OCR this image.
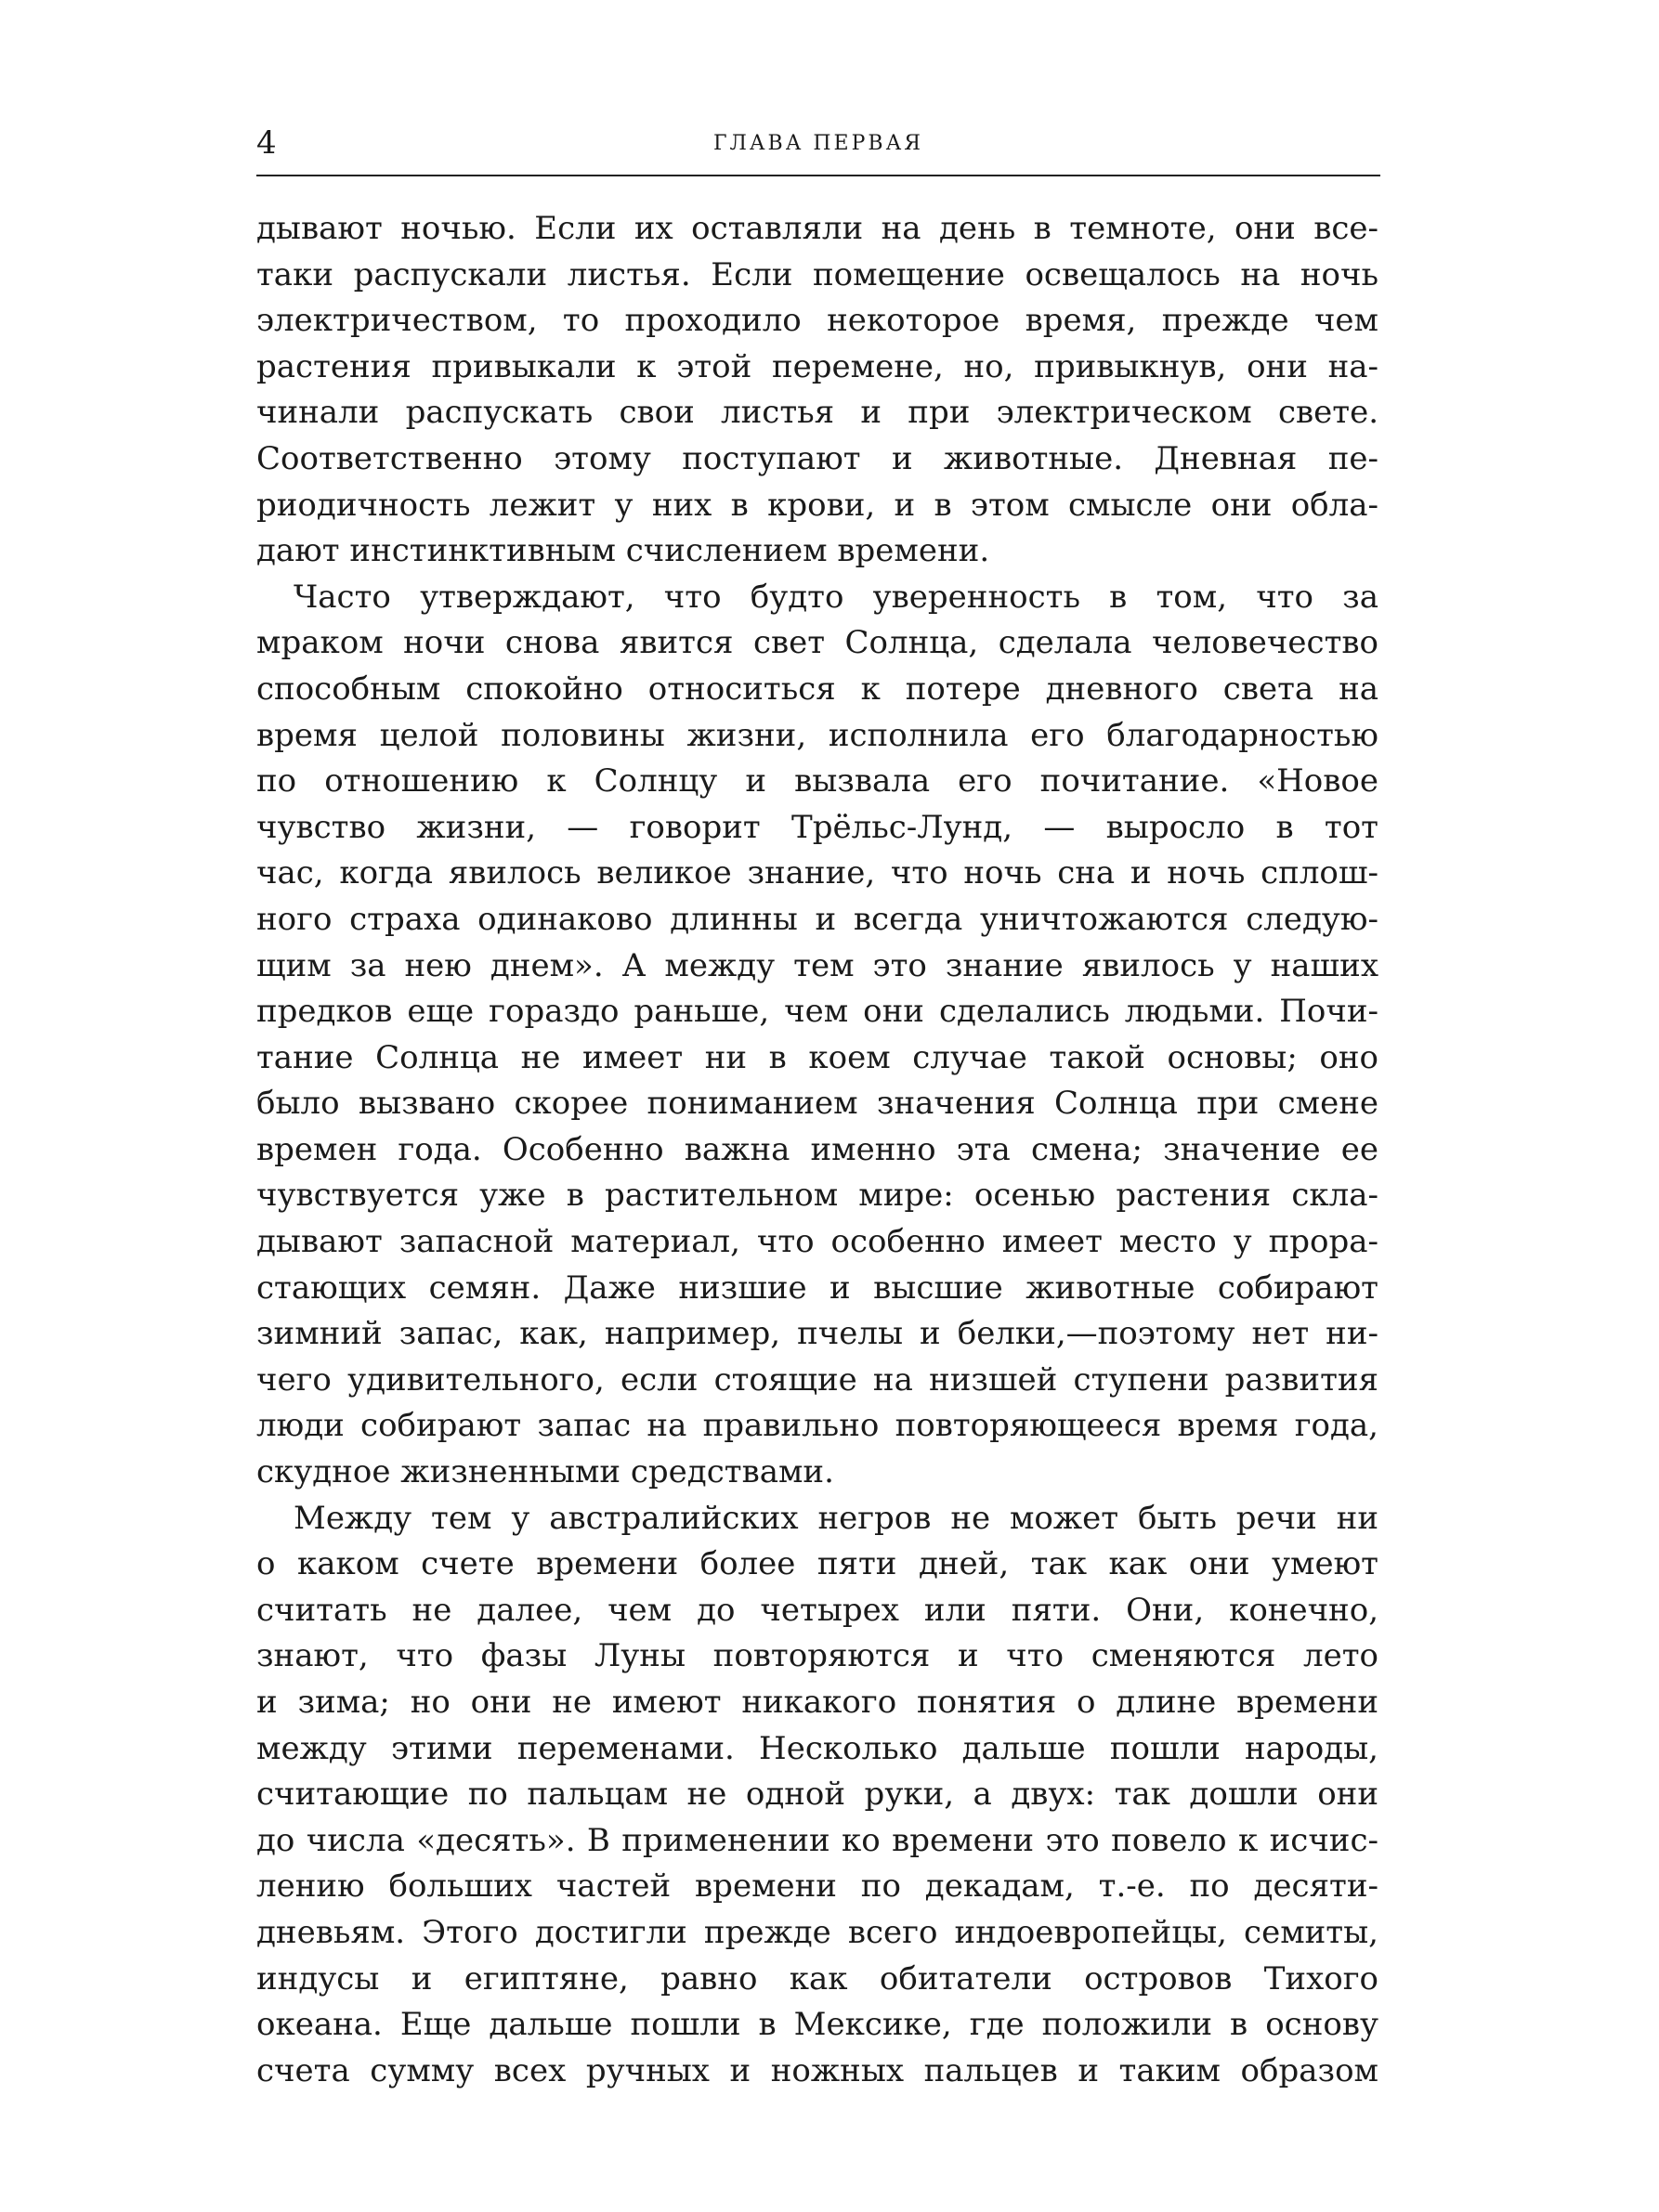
4	ГЛАВА ПЕРВАЯ
дывают ночью. Если их оставляли на день в темноте, они все-
таки распускали листья. Если помещение освещалось на ночь
электричеством, то проходило некоторое время, прежде чем
растения привыкали к этой перемене, но, привыкнув, они на-
чинали распускать свои листья и при электрическом свете.
Соответственно этому поступают и животные. Дневная пе-
риодичность лежит у них в крови, и в этом смысле они обла-
дают инстинктивным счислением времени.
Часто утверждают, что будто уверенность в том, что за
мраком ночи снова явится свет Солнца, сделала человечество
способным спокойно относиться к потере дневного света на
время целой половины жизни, исполнила его благодарностью
по отношению к Солнцу и вызвала его почитание. «Новое
чувство жизни, — говорит Трёльс-Лунд, — выросло в тот
час, когда явилось великое знание, что ночь сна и ночь сплош-
ного страха одинаково длинны и всегда уничтожаются следую-
щим за нею днем». А между тем это знание явилось у наших
предков еще гораздо раньше, чем они сделались людьми. Почи-
тание Солнца не имеет ни в коем случае такой основы; оно
было вызвано скорее пониманием значения Солнца при смене
времен года. Особенно важна именно эта смена; значение ее
чувствуется уже в растительном мире: осенью растения скла-
дывают запасной материал, что особенно имеет место у прора-
стающих семян. Даже низшие и высшие животные собирают
зимний запас, как, например, пчелы и белки,—поэтому нет ни-
чего удивительного, если стоящие на низшей ступени развития
люди собирают запас на правильно повторяющееся время года,
скудное жизненными средствами.
Между тем у австралийских негров не может быть речи ни
о каком счете времени более пяти дней, так как они умеют
считать не далее, чем до четырех или пяти. Они, конечно,
знают, что фазы Луны повторяются и что сменяются лето
и зима; но они не имеют никакого понятия о длине времени
между этими переменами. Несколько дальше пошли народы,
считающие по пальцам не одной руки, а двух: так дошли они
до числа «десять». В применении ко времени это повело к исчис-
лению больших частей времени по декадам, т.-е. по десяти-
дневьям. Этого достигли прежде всего индоевропейцы, семиты,
индусы и египтяне, равно как обитатели островов Тихого
океана. Еще дальше пошли в Мексике, где положили в основу
счета сумму всех ручных и ножных пальцев и таким образом
